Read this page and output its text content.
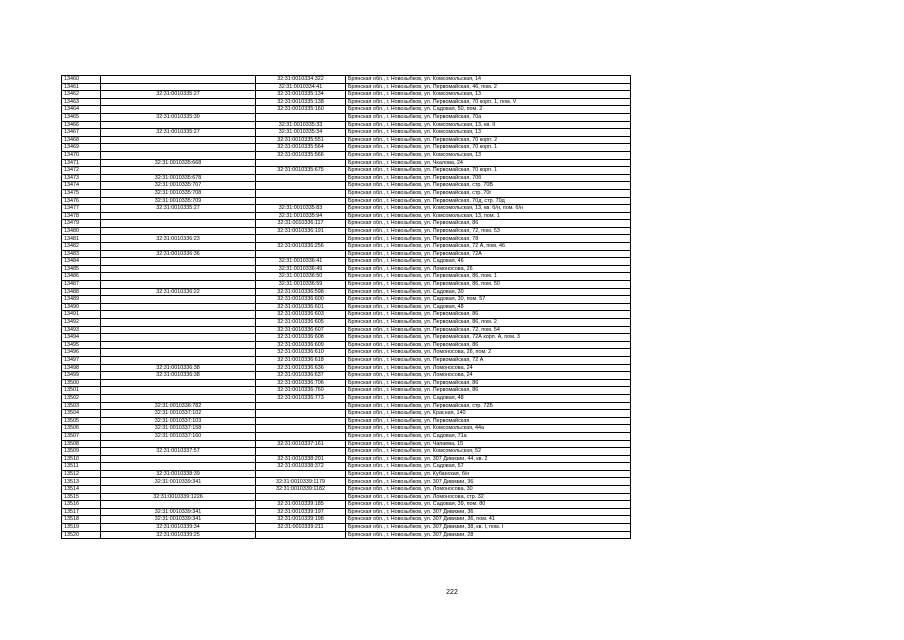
13460		32:31:0010334:322	Брянская обл., г. Новозыбков, ул. Комсомольская, 14
13461		32:31:0010334:41	Брянская обл., г. Новозыбков, ул. Первомайская, 46, пом. 2
13462	32:31:0010335:27	32:31:0010335:134	Брянская обл., г. Новозыбков, ул. Комсомольская, 13
13463		32:31:0010335:138	Брянская обл., г. Новозыбков, ул. Первомайская, 70 корп. 1, пом. V
13464		32:31:0010335:160	Брянская обл., г. Новозыбков, ул. Садовая, 50, пом. 2
13465	32:31:0010335:30		Брянская обл., г. Новозыбков, ул. Первомайская, 70а
13466		32:31:0010335:33	Брянская обл., г. Новозыбков, ул. Комсомольская, 13, кв. II
13467	32:31:0010335:27	32:31:0010335:34	Брянская обл., г. Новозыбков, ул. Комсомольская, 13
13468		32:31:0010335:551	Брянская обл., г. Новозыбков, ул. Первомайская, 70 корп. 2
13469		32:31:0010335:564	Брянская обл., г. Новозыбков, ул. Первомайская, 70 корп. 1
13470		32:31:0010335:566	Брянская обл., г. Новозыбков, ул. Комсомольская, 13
13471	32:31:0010335:668		Брянская обл., г. Новозыбков, ул. Чкалова, 24
13472		32:31:0010335:675	Брянская обл., г. Новозыбков, ул. Первомайская, 70 корп. 1
13473	32:31:0010335:678		Брянская обл., г. Новозыбков, ул. Первомайская, 70б
13474	32:31:0010335:707		Брянская обл., г. Новозыбков, ул. Первомайская, стр. 70В
13475	32:31:0010335:708		Брянская обл., г. Новозыбков, ул. Первомайская, стр. 70г
13476	32:31:0010335:709		Брянская обл., г. Новозыбков, ул. Первомайская, 70д, стр. 70д
13477	32:31:0010335:27	32:31:0010335:83	Брянская обл., г. Новозыбков, ул. Комсомольская, 13, кв. б/н, пом. б/н
13478		32:31:0010335:94	Брянская обл., г. Новозыбков, ул. Комсомольская, 13, пом. 1
13479		32:31:0010336:117	Брянская обл., г. Новозыбков, ул. Первомайская, 86
13480		32:31:0010336:191	Брянская обл., г. Новозыбков, ул. Первомайская, 72, пом. 53
13481	32:31:0010336:23		Брянская обл., г. Новозыбков, ул. Первомайская, 78
13482		32:31:0010336:256	Брянская обл., г. Новозыбков, ул. Первомайская, 72 А, пом. 46
13483	32:31:0010336:36		Брянская обл., г. Новозыбков, ул. Первомайская, 72А
13484		32:31:0010336:41	Брянская обл., г. Новозыбков, ул. Садовая, 46
13485		32:31:0010336:49	Брянская обл., г. Новозыбков, ул. Ломоносова, 26
13486		32:31:0010336:50	Брянская обл., г. Новозыбков, ул. Первомайская, 86, пом. 1
13487		32:31:0010336:59	Брянская обл., г. Новозыбков, ул. Первомайская, 86, пом. 50
13488	32:31:0010336:22	32:31:0010336:598	Брянская обл., г. Новозыбков, ул. Садовая, 30
13489		32:31:0010336:600	Брянская обл., г. Новозыбков, ул. Садовая, 30, пом. 57
13490		32:31:0010336:601	Брянская обл., г. Новозыбков, ул. Садовая, 48
13491		32:31:0010336:603	Брянская обл., г. Новозыбков, ул. Первомайская, 86
13492		32:31:0010336:605	Брянская обл., г. Новозыбков, ул. Первомайская, 86, пом. 2
13493		32:31:0010336:607	Брянская обл., г. Новозыбков, ул. Первомайская, 72, пом. 54
13494		32:31:0010336:608	Брянская обл., г. Новозыбков, ул. Первомайская, 72А корп. А, пом. 3
13495		32:31:0010336:609	Брянская обл., г. Новозыбков, ул. Первомайская, 86
13496		32:31:0010336:610	Брянская обл., г. Новозыбков, ул. Ломоносова, 26, пом. 2
13497		32:31:0010336:618	Брянская обл., г. Новозыбков, ул. Первомайская, 72 А
13498	32:31:0010336:38	32:31:0010336:636	Брянская обл., г. Новозыбков, ул. Ломоносова, 24
13499	32:31:0010336:38	32:31:0010336:637	Брянская обл., г. Новозыбков, ул. Ломоносова, 24
13500		32:31:0010336:706	Брянская обл., г. Новозыбков, ул. Первомайская, 86
13501		32:31:0010336:760	Брянская обл., г. Новозыбков, ул. Первомайская, 86
13502		32:31:0010336:773	Брянская обл., г. Новозыбков, ул. Садовая, 48
13503	32:31:0010336:782		Брянская обл., г. Новозыбков, ул. Первомайская, стр. 72Б
13504	32:31:0010337:102		Брянская обл., г. Новозыбков, ул. Красная, 140
13505	32:31:0010337:103		Брянская обл., г. Новозыбков, ул. Первомайская
13506	32:31:0010337:158		Брянская обл., г. Новозыбков, ул. Комсомольская, 44а
13507	32:31:0010337:160		Брянская обл., г. Новозыбков, ул. Садовая, 71а
13508		32:31:0010337:161	Брянская обл., г. Новозыбков, ул. Чапаева, 15
13509	32:31:0010337:57		Брянская обл., г. Новозыбков, ул. Комсомольская, 52
13510		32:31:0010338:201	Брянская обл., г. Новозыбков, ул. 307 Дивизии, 44, кв. 2
13511		32:31:0010338:372	Брянская обл., г. Новозыбков, ул. Садовая, 57
13512	32:31:0010338:39		Брянская обл., г. Новозыбков, ул. Кубанская, б/н
13513	32:31:0010339:341	32:31:0010339:1179	Брянская обл., г. Новозыбков, ул. 307 Дивизии, 36
13514		32:31:0010339:1182	Брянская обл., г. Новозыбков, ул. Ломоносова, 30
13515	32:31:0010339:1226		Брянская обл., г. Новозыбков, ул. Ломоносова, стр. 32
13516		32:31:0010339:185	Брянская обл., г. Новозыбков, ул. Садовая, 39, пом. 80
13517	32:31:0010339:341	32:31:0010339:197	Брянская обл., г. Новозыбков, ул. 307 Дивизии, 36
13518	32:31:0010339:341	32:31:0010339:198	Брянская обл., г. Новозыбков, ул. 307 Дивизии, 36, пом. 41
13519	32:31:0010339:34	32:31:0010339:211	Брянская обл., г. Новозыбков, ул. 307 Дивизии, 38, кв. I, пом. I
13520	32:31:0010339:25		Брянская обл., г. Новозыбков, ул. 307 Дивизии, 28
222
